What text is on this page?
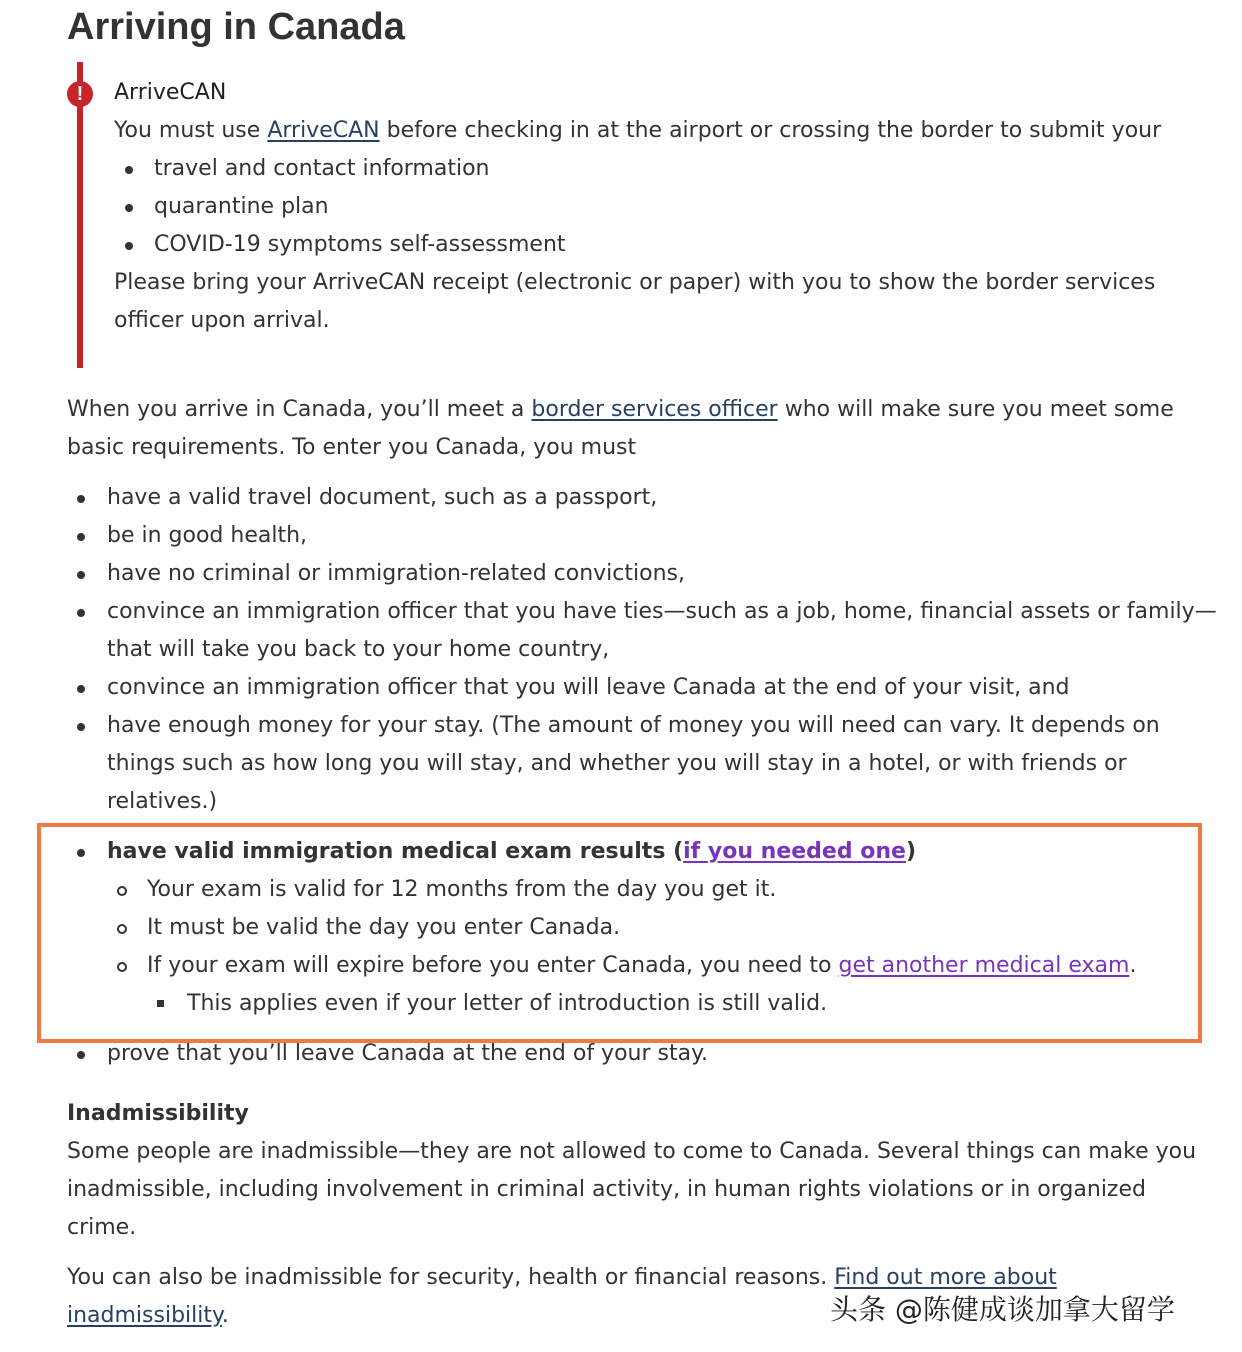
Arriving in Canada
!	ArriveCAN

You must use ArriveCAN before checking in at the airport or crossing the border to submit your

travel and contact information
quarantine plan
COVID-19 symptoms self-assessment

Please bring your ArriveCAN receipt (electronic or paper) with you to show the border services officer upon arrival.

When you arrive in Canada, you’ll meet a border services officer who will make sure you meet some basic requirements. To enter you Canada, you must

have a valid travel document, such as a passport,
be in good health,
have no criminal or immigration-related convictions,
convince an immigration officer that you have ties—such as a job, home, financial assets or family—that will take you back to your home country,
convince an immigration officer that you will leave Canada at the end of your visit, and
have enough money for your stay. (The amount of money you will need can vary. It depends on things such as how long you will stay, and whether you will stay in a hotel, or with friends or relatives.)
have valid immigration medical exam results (if you needed one)
Your exam is valid for 12 months from the day you get it.
It must be valid the day you enter Canada.
If your exam will expire before you enter Canada, you need to get another medical exam.
This applies even if your letter of introduction is still valid.
prove that you’ll leave Canada at the end of your stay.
Inadmissibility

Some people are inadmissible—they are not allowed to come to Canada. Several things can make you inadmissible, including involvement in criminal activity, in human rights violations or in organized crime.

You can also be inadmissible for security, health or financial reasons. Find out more about inadmissibility.	头条 @陈健成谈加拿大留学
